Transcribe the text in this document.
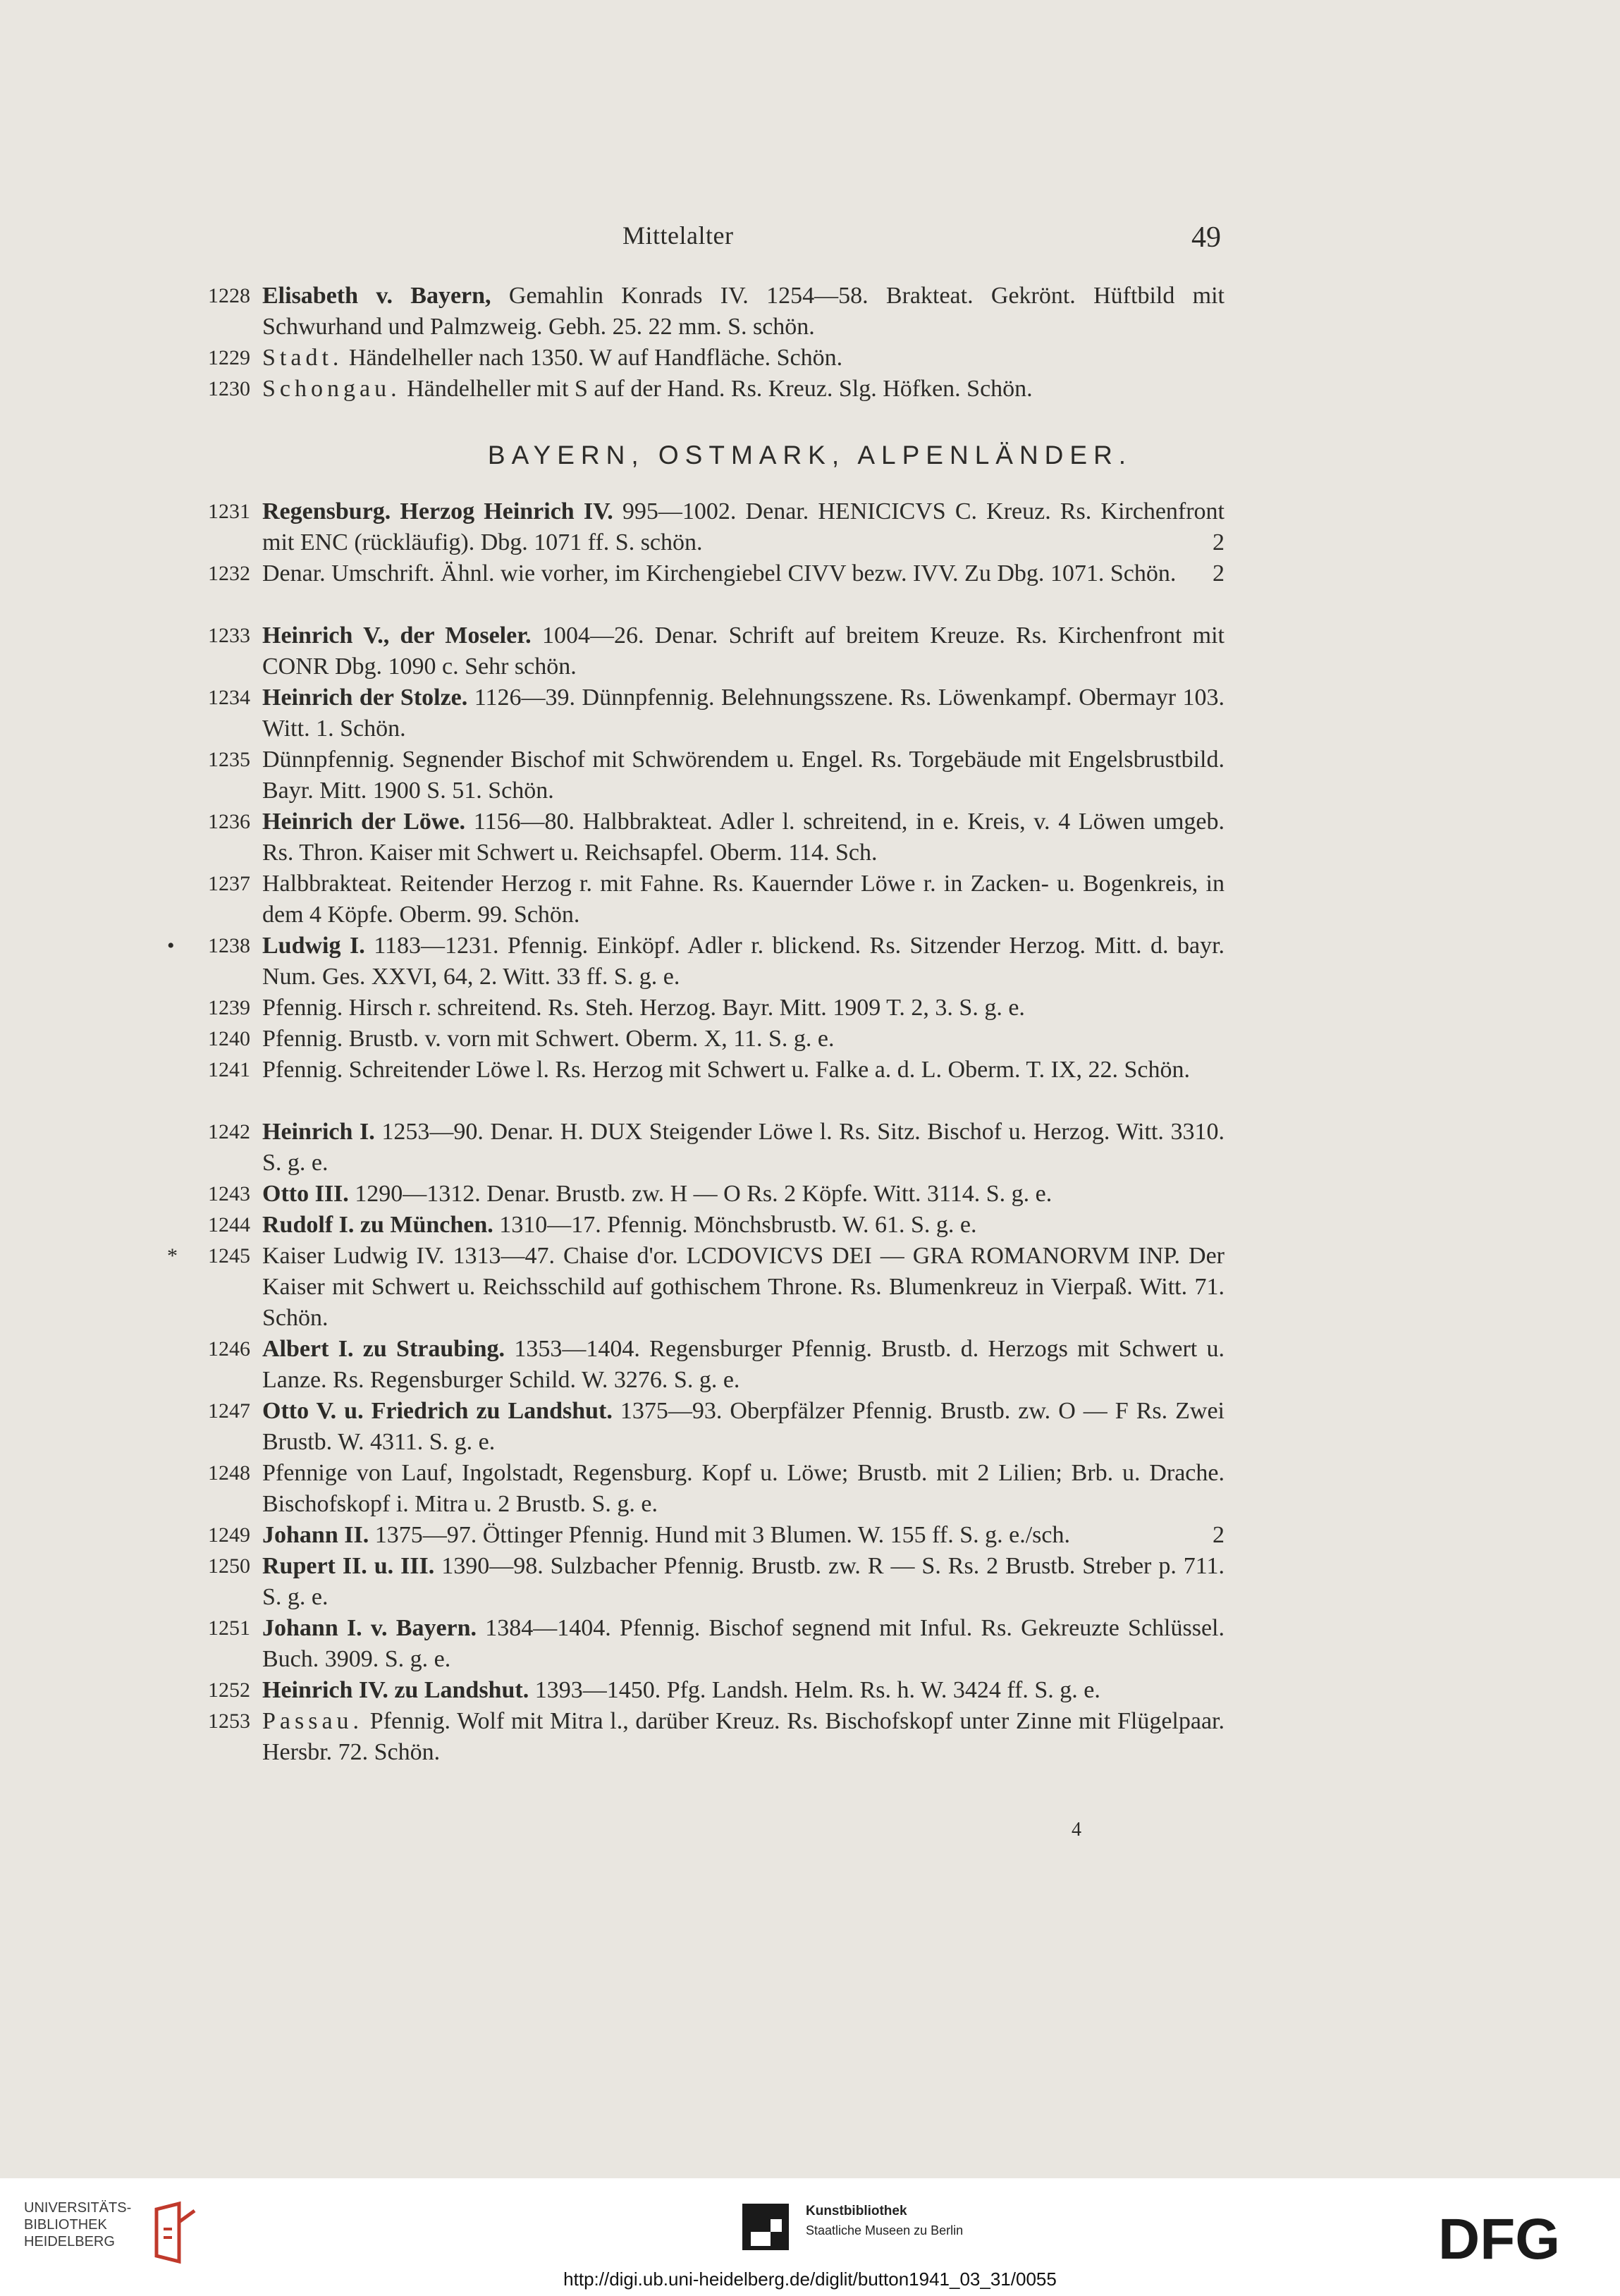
Mittelalter	49
BAYERN, OSTMARK, ALPENLÄNDER.
1228 Elisabeth v. Bayern, Gemahlin Konrads IV. 1254—58. Brakteat. Gekrönt. Hüftbild mit Schwurhand und Palmzweig. Gebh. 25. 22 mm. S. schön.
1229 Stadt. Händelheller nach 1350. W auf Handfläche. Schön.
1230 Schongau. Händelheller mit S auf der Hand. Rs. Kreuz. Slg. Höfken. Schön.
1231 Regensburg. Herzog Heinrich IV. 995—1002. Denar. HENICICVS C. Kreuz. Rs. Kirchenfront mit ENC (rückläufig). Dbg. 1071 ff. S. schön.	2
1232 Denar. Umschrift. Ähnl. wie vorher, im Kirchengiebel CIVV bezw. IVV. Zu Dbg. 1071. Schön. 2
1233 Heinrich V., der Moseler. 1004—26. Denar. Schrift auf breitem Kreuze. Rs. Kirchenfront mit CONR Dbg. 1090 c. Sehr schön.
1234 Heinrich der Stolze. 1126—39. Dünnpfennig. Belehnungsszene. Rs. Löwenkampf. Obermayr 103. Witt. 1. Schön.
1235 Dünnpfennig. Segnender Bischof mit Schwörendem u. Engel. Rs. Torgebäude mit Engelsbrustbild. Bayr. Mitt. 1900 S. 51. Schön.
1236 Heinrich der Löwe. 1156—80. Halbbrakteat. Adler l. schreitend, in e. Kreis, v. 4 Löwen umgeb. Rs. Thron. Kaiser mit Schwert u. Reichsapfel. Oberm. 114. Sch.
1237 Halbbrakteat. Reitender Herzog r. mit Fahne. Rs. Kauernder Löwe r. in Zacken- u. Bogenkreis, in dem 4 Köpfe. Oberm. 99. Schön.
•	1238 Ludwig I. 1183—1231. Pfennig. Einköpf. Adler r. blickend. Rs. Sitzender Herzog. Mitt. d. bayr. Num. Ges. XXVI, 64, 2. Witt. 33 ff. S. g. e.
1239 Pfennig. Hirsch r. schreitend. Rs. Steh. Herzog. Bayr. Mitt. 1909 T. 2, 3. S. g. e.
1240 Pfennig. Brustb. v. vorn mit Schwert. Oberm. X, 11. S. g. e.
1241 Pfennig. Schreitender Löwe l. Rs. Herzog mit Schwert u. Falke a. d. L. Oberm. T. IX, 22. Schön.
1242 Heinrich I. 1253—90. Denar. H. DUX Steigender Löwe l. Rs. Sitz. Bischof u. Herzog. Witt. 3310. S. g. e.
1243 Otto III. 1290—1312. Denar. Brustb. zw. H — O Rs. 2 Köpfe. Witt. 3114. S. g. e.
1244 Rudolf I. zu München. 1310—17. Pfennig. Mönchsbrustb. W. 61. S. g. e.
*	1245 Kaiser Ludwig IV. 1313—47. Chaise d'or. LCDOVICVS DEI — GRA ROMANORVM INP. Der Kaiser mit Schwert u. Reichsschild auf gothischem Throne. Rs. Blumenkreuz in Vierpaß. Witt. 71. Schön.
1246 Albert I. zu Straubing. 1353—1404. Regensburger Pfennig. Brustb. d. Herzogs mit Schwert u. Lanze. Rs. Regensburger Schild. W. 3276. S. g. e.
1247 Otto V. u. Friedrich zu Landshut. 1375—93. Oberpfälzer Pfennig. Brustb. zw. O — F Rs. Zwei Brustb. W. 4311. S. g. e.
1248 Pfennige von Lauf, Ingolstadt, Regensburg. Kopf u. Löwe; Brustb. mit 2 Lilien; Brb. u. Drache. Bischofskopf i. Mitra u. 2 Brustb. S. g. e.
1249 Johann II. 1375—97. Öttinger Pfennig. Hund mit 3 Blumen. W. 155 ff. S. g. e./sch.	2
1250 Rupert II. u. III. 1390—98. Sulzbacher Pfennig. Brustb. zw. R — S. Rs. 2 Brustb. Streber p. 711. S. g. e.
1251 Johann I. v. Bayern. 1384—1404. Pfennig. Bischof segnend mit Inful. Rs. Gekreuzte Schlüssel. Buch. 3909. S. g. e.
1252 Heinrich IV. zu Landshut. 1393—1450. Pfg. Landsh. Helm. Rs. h. W. 3424 ff. S. g. e.
1253 Passau. Pfennig. Wolf mit Mitra l., darüber Kreuz. Rs. Bischofskopf unter Zinne mit Flügelpaar. Hersbr. 72. Schön.
4
UNIVERSITÄTS-
BIBLIOTHEK
HEIDELBERG
Kunstbibliothek
Staatliche Museen zu Berlin	DFG
http://digi.ub.uni-heidelberg.de/diglit/button1941_03_31/0055
